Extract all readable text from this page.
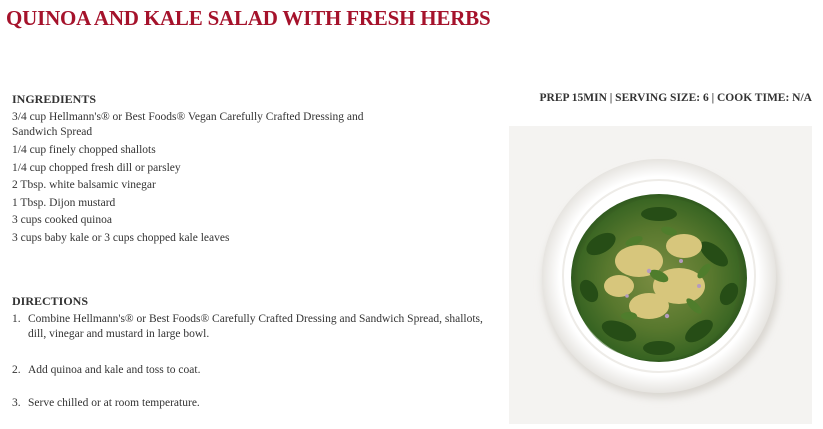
QUINOA AND KALE SALAD WITH FRESH HERBS
INGREDIENTS
3/4 cup Hellmann's® or Best Foods® Vegan Carefully Crafted Dressing and Sandwich Spread
1/4 cup finely chopped shallots
1/4 cup chopped fresh dill or parsley
2 Tbsp. white balsamic vinegar
1 Tbsp. Dijon mustard
3 cups cooked quinoa
3 cups baby kale or 3 cups chopped kale leaves
DIRECTIONS
1. Combine Hellmann's® or Best Foods® Carefully Crafted Dressing and Sandwich Spread, shallots, dill, vinegar and mustard in large bowl.
2. Add quinoa and kale and toss to coat.
3. Serve chilled or at room temperature.
PREP 15MIN | SERVING SIZE: 6 | COOK TIME: N/A
